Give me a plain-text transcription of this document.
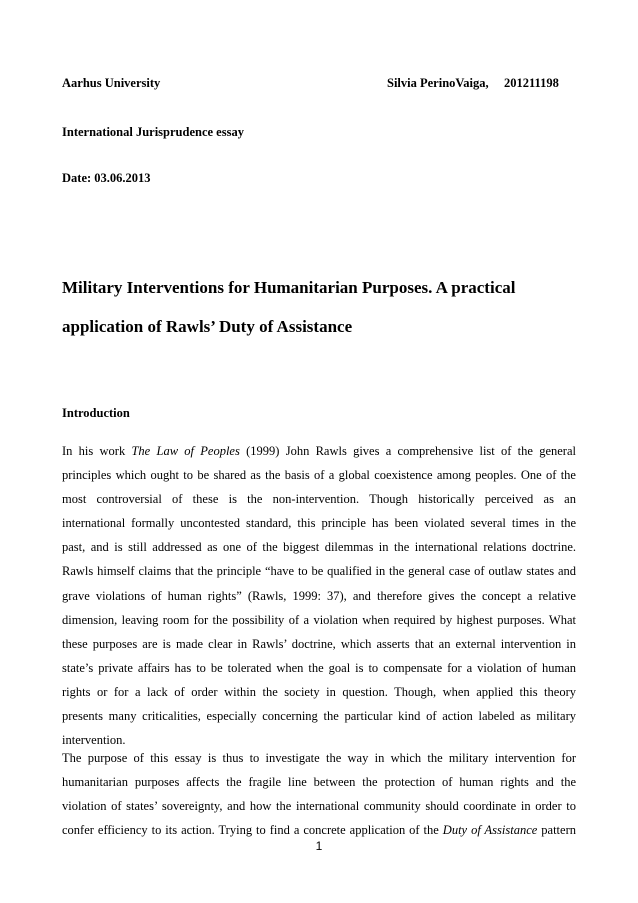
Aarhus University	Silvia PerinoVaiga, 201211198
International Jurisprudence essay
Date: 03.06.2013
Military Interventions for Humanitarian Purposes. A practical
application of Rawls’ Duty of Assistance
Introduction
In his work The Law of Peoples (1999) John Rawls gives a comprehensive list of the general
principles which ought to be shared as the basis of a global coexistence among peoples. One of the
most controversial of these is the non-intervention. Though historically perceived as an
international formally uncontested standard, this principle has been violated several times in the
past, and is still addressed as one of the biggest dilemmas in the international relations doctrine.
Rawls himself claims that the principle “have to be qualified in the general case of outlaw states and
grave violations of human rights” (Rawls, 1999: 37), and therefore gives the concept a relative
dimension, leaving room for the possibility of a violation when required by highest purposes. What
these purposes are is made clear in Rawls’ doctrine, which asserts that an external intervention in
state’s private affairs has to be tolerated when the goal is to compensate for a violation of human
rights or for a lack of order within the society in question. Though, when applied this theory
presents many criticalities, especially concerning the particular kind of action labeled as military
intervention.
The purpose of this essay is thus to investigate the way in which the military intervention for
humanitarian purposes affects the fragile line between the protection of human rights and the
violation of states’ sovereignty, and how the international community should coordinate in order to
confer efficiency to its action. Trying to find a concrete application of the Duty of Assistance pattern
1
